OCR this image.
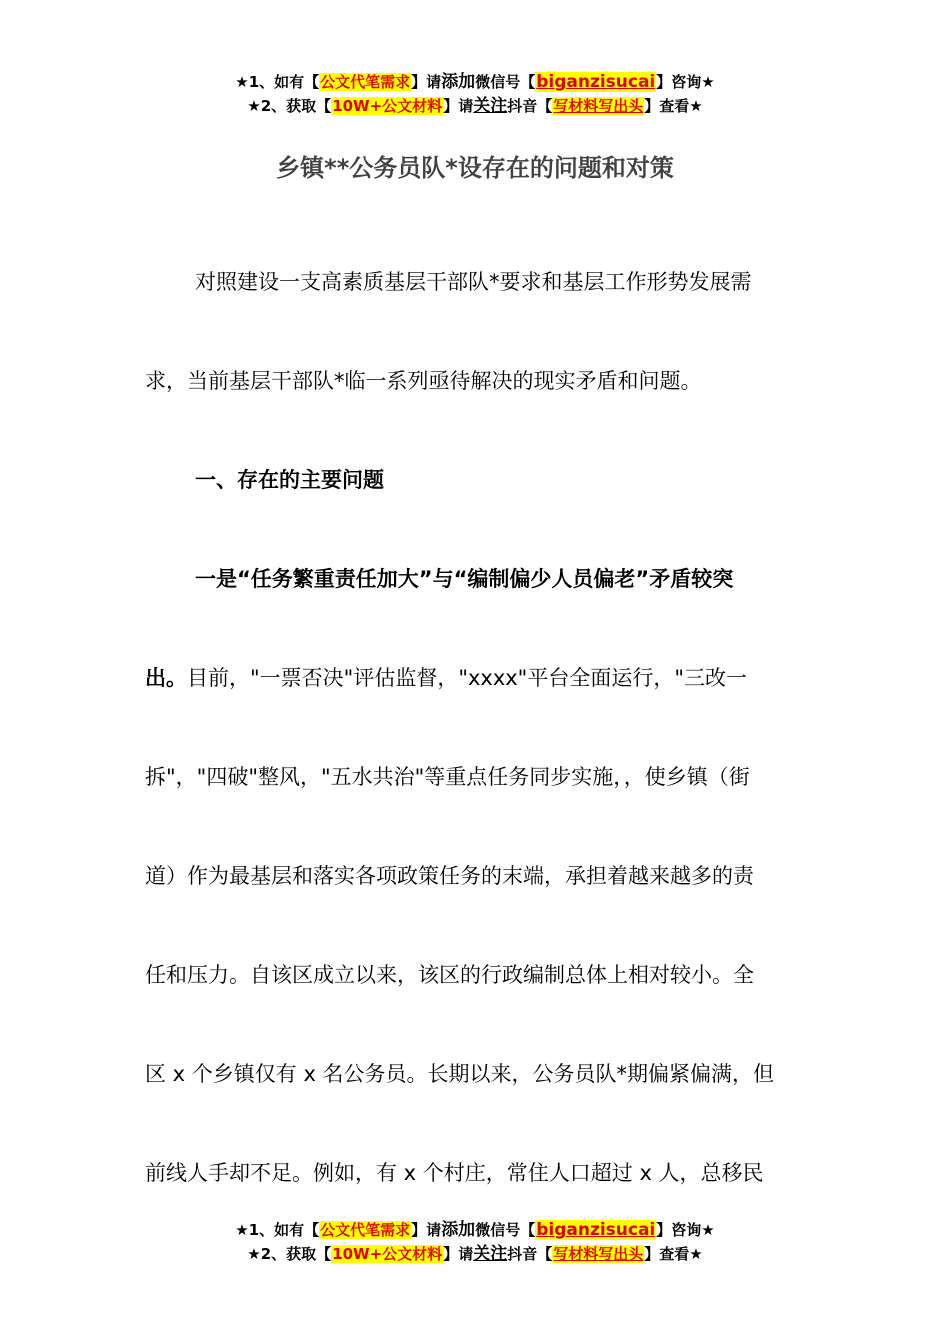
★1、如有【公文代笔需求】请添加微信号【biganzisucai】咨询★
★2、获取【10W+公文材料】请关注抖音【写材料写出头】查看★
乡镇**公务员队*设存在的问题和对策

对照建设一支高素质基层干部队*要求和基层工作形势发展需
求，当前基层干部队*临一系列亟待解决的现实矛盾和问题。

一、存在的主要问题

一是“任务繁重责任加大”与“编制偏少人员偏老”矛盾较突
出。目前，"一票否决"评估监督，"xxxx"平台全面运行，"三改一
拆"，"四破"整风，"五水共治"等重点任务同步实施，，使乡镇（街
道）作为最基层和落实各项政策任务的末端，承担着越来越多的责
任和压力。自该区成立以来，该区的行政编制总体上相对较小。全
区 x 个乡镇仅有 x 名公务员。长期以来，公务员队*期偏紧偏满，但
前线人手却不足。例如，有 x 个村庄，常住人口超过 x 人，总移民

★1、如有【公文代笔需求】请添加微信号【biganzisucai】咨询★
★2、获取【10W+公文材料】请关注抖音【写材料写出头】查看★
